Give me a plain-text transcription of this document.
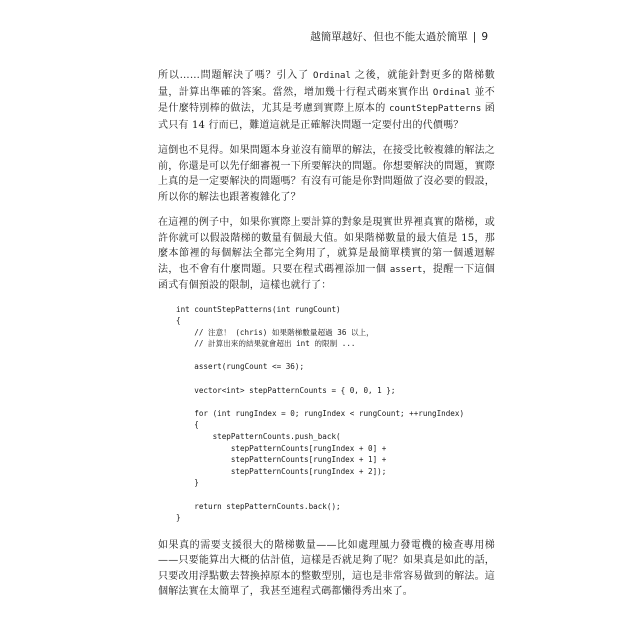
越簡單越好、但也不能太過於簡單 | 9

所以……問題解決了嗎？引入了 Ordinal 之後，就能針對更多的階梯數量，計算出準確的答案。當然，增加幾十行程式碼來實作出 Ordinal 並不是什麼特別棒的做法，尤其是考慮到實際上原本的 countStepPatterns 函式只有 14 行而已，難道這就是正確解決問題一定要付出的代價嗎？

這倒也不見得。如果問題本身並沒有簡單的解法，在接受比較複雜的解法之前，你還是可以先仔細審視一下所要解決的問題。你想要解決的問題，實際上真的是一定要解決的問題嗎？有沒有可能是你對問題做了沒必要的假設，所以你的解法也跟著複雜化了？

在這裡的例子中，如果你實際上要計算的對象是現實世界裡真實的階梯，或許你就可以假設階梯的數量有個最大值。如果階梯數量的最大值是 15，那麼本節裡的每個解法全都完全夠用了，就算是最簡單樸實的第一個遞迴解法，也不會有什麼問題。只要在程式碼裡添加一個 assert，提醒一下這個函式有個預設的限制，這樣也就行了：

int countStepPatterns(int rungCount)
{
// 注意！ (chris) 如果階梯數量超過 36 以上，
// 計算出來的結果就會超出 int 的限制 ...

assert(rungCount <= 36);

vector<int> stepPatternCounts = { 0, 0, 1 };

for (int rungIndex = 0; rungIndex < rungCount; ++rungIndex)
{
stepPatternCounts.push_back(
stepPatternCounts[rungIndex + 0] +
stepPatternCounts[rungIndex + 1] +
stepPatternCounts[rungIndex + 2]);
}

return stepPatternCounts.back();
}

如果真的需要支援很大的階梯數量——比如處理風力發電機的檢查專用梯——只要能算出大概的估計值，這樣是否就足夠了呢？如果真是如此的話，只要改用浮點數去替換掉原本的整數型別，這也是非常容易做到的解法。這個解法實在太簡單了，我甚至連程式碼都懶得秀出來了。
